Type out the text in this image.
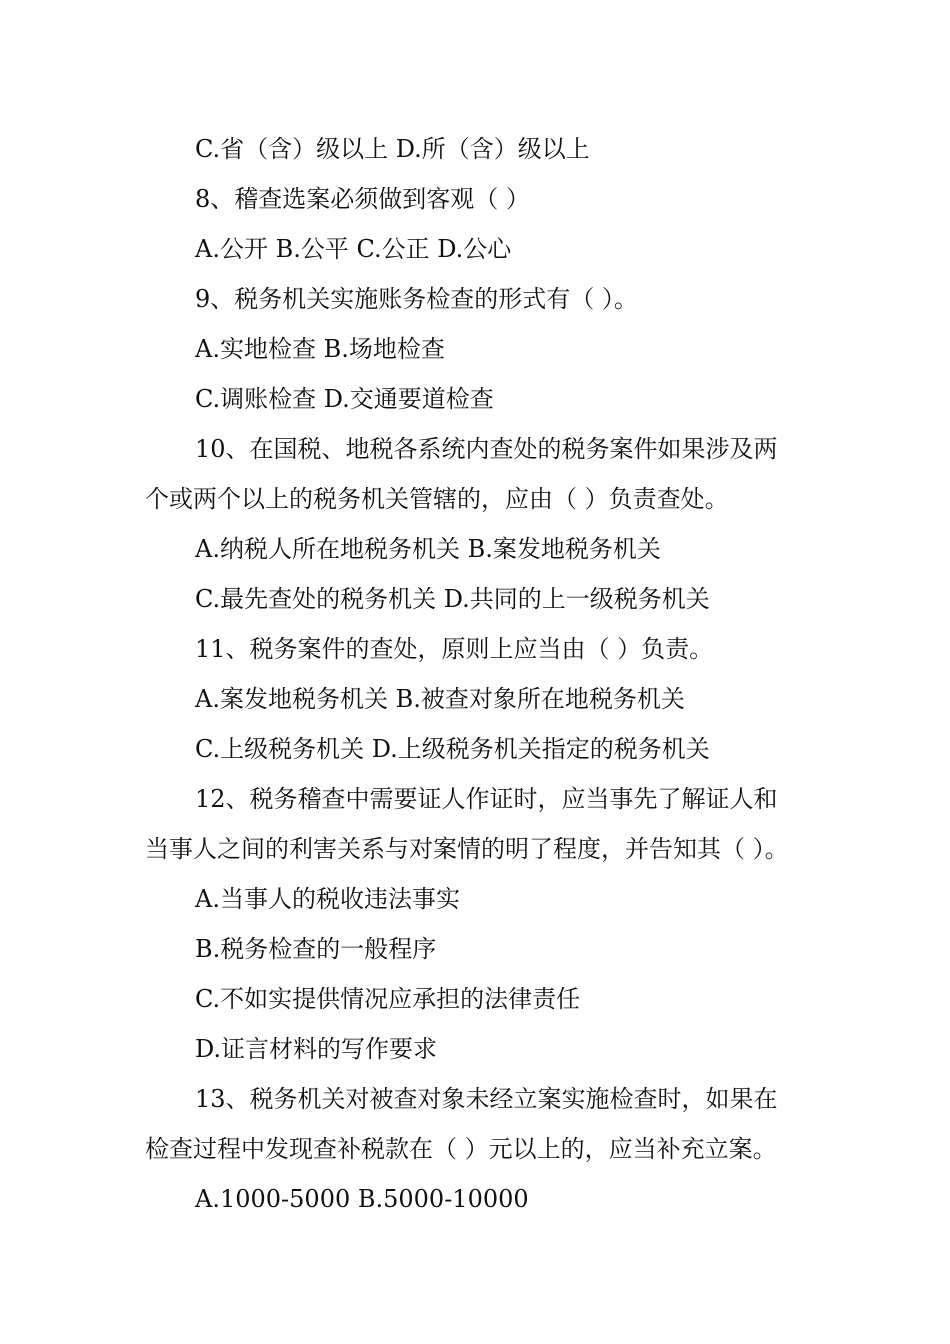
C.省（含）级以上 D.所（含）级以上
8、稽查选案必须做到客观（ ）
A.公开 B.公平 C.公正 D.公心
9、税务机关实施账务检查的形式有（ ）。
A.实地检查 B.场地检查
C.调账检查 D.交通要道检查
10、在国税、地税各系统内查处的税务案件如果涉及两
个或两个以上的税务机关管辖的，应由（ ）负责查处。
A.纳税人所在地税务机关 B.案发地税务机关
C.最先查处的税务机关 D.共同的上一级税务机关
11、税务案件的查处，原则上应当由（ ）负责。
A.案发地税务机关 B.被查对象所在地税务机关
C.上级税务机关 D.上级税务机关指定的税务机关
12、税务稽查中需要证人作证时，应当事先了解证人和
当事人之间的利害关系与对案情的明了程度，并告知其（ ）。
A.当事人的税收违法事实
B.税务检查的一般程序
C.不如实提供情况应承担的法律责任
D.证言材料的写作要求
13、税务机关对被查对象未经立案实施检查时，如果在
检查过程中发现查补税款在（ ）元以上的，应当补充立案。
A.1000-5000 B.5000-10000
